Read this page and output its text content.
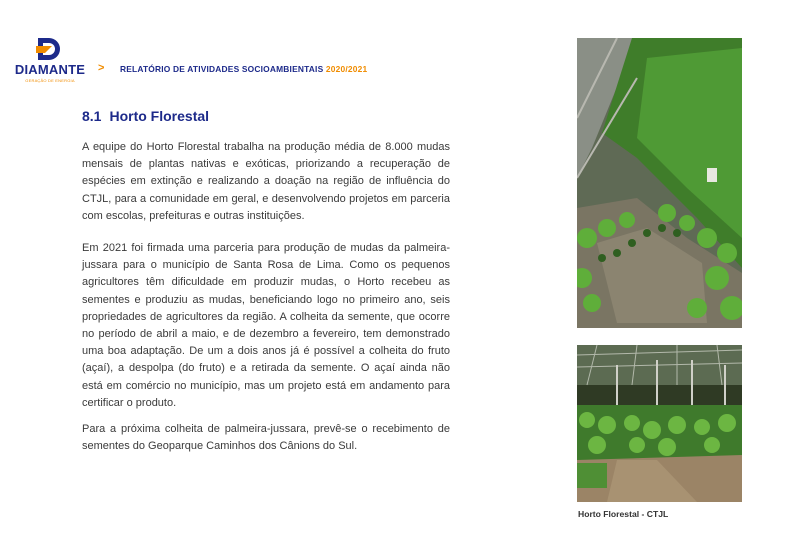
DIAMANTE
GERAÇÃO DE ENERGIA
> RELATÓRIO DE ATIVIDADES SOCIOAMBIENTAIS 2020/2021
8.1 Horto Florestal

A equipe do Horto Florestal trabalha na produção média de 8.000 mudas mensais de plantas nativas e exóticas, priorizando a recuperação de espécies em extinção e realizando a doação na região de influência do CTJL, para a comunidade em geral, e desenvolvendo projetos em parceria com escolas, prefeituras e outras instituições.

Em 2021 foi firmada uma parceria para produção de mudas da palmeira-jussara para o município de Santa Rosa de Lima. Como os pequenos agricultores têm dificuldade em produzir mudas, o Horto recebeu as sementes e produziu as mudas, beneficiando logo no primeiro ano, seis propriedades de agricultores da região. A colheita da semente, que ocorre no período de abril a maio, e de dezembro a fevereiro, tem demonstrado uma boa adaptação. De um a dois anos já é possível a colheita do fruto (açaí), a despolpa (do fruto) e a retirada da semente. O açaí ainda não está em comércio no município, mas um projeto está em andamento para certificar o produto.

Para a próxima colheita de palmeira-jussara, prevê-se o recebimento de sementes do Geoparque Caminhos dos Cânions do Sul.

Horto Florestal - CTJL
